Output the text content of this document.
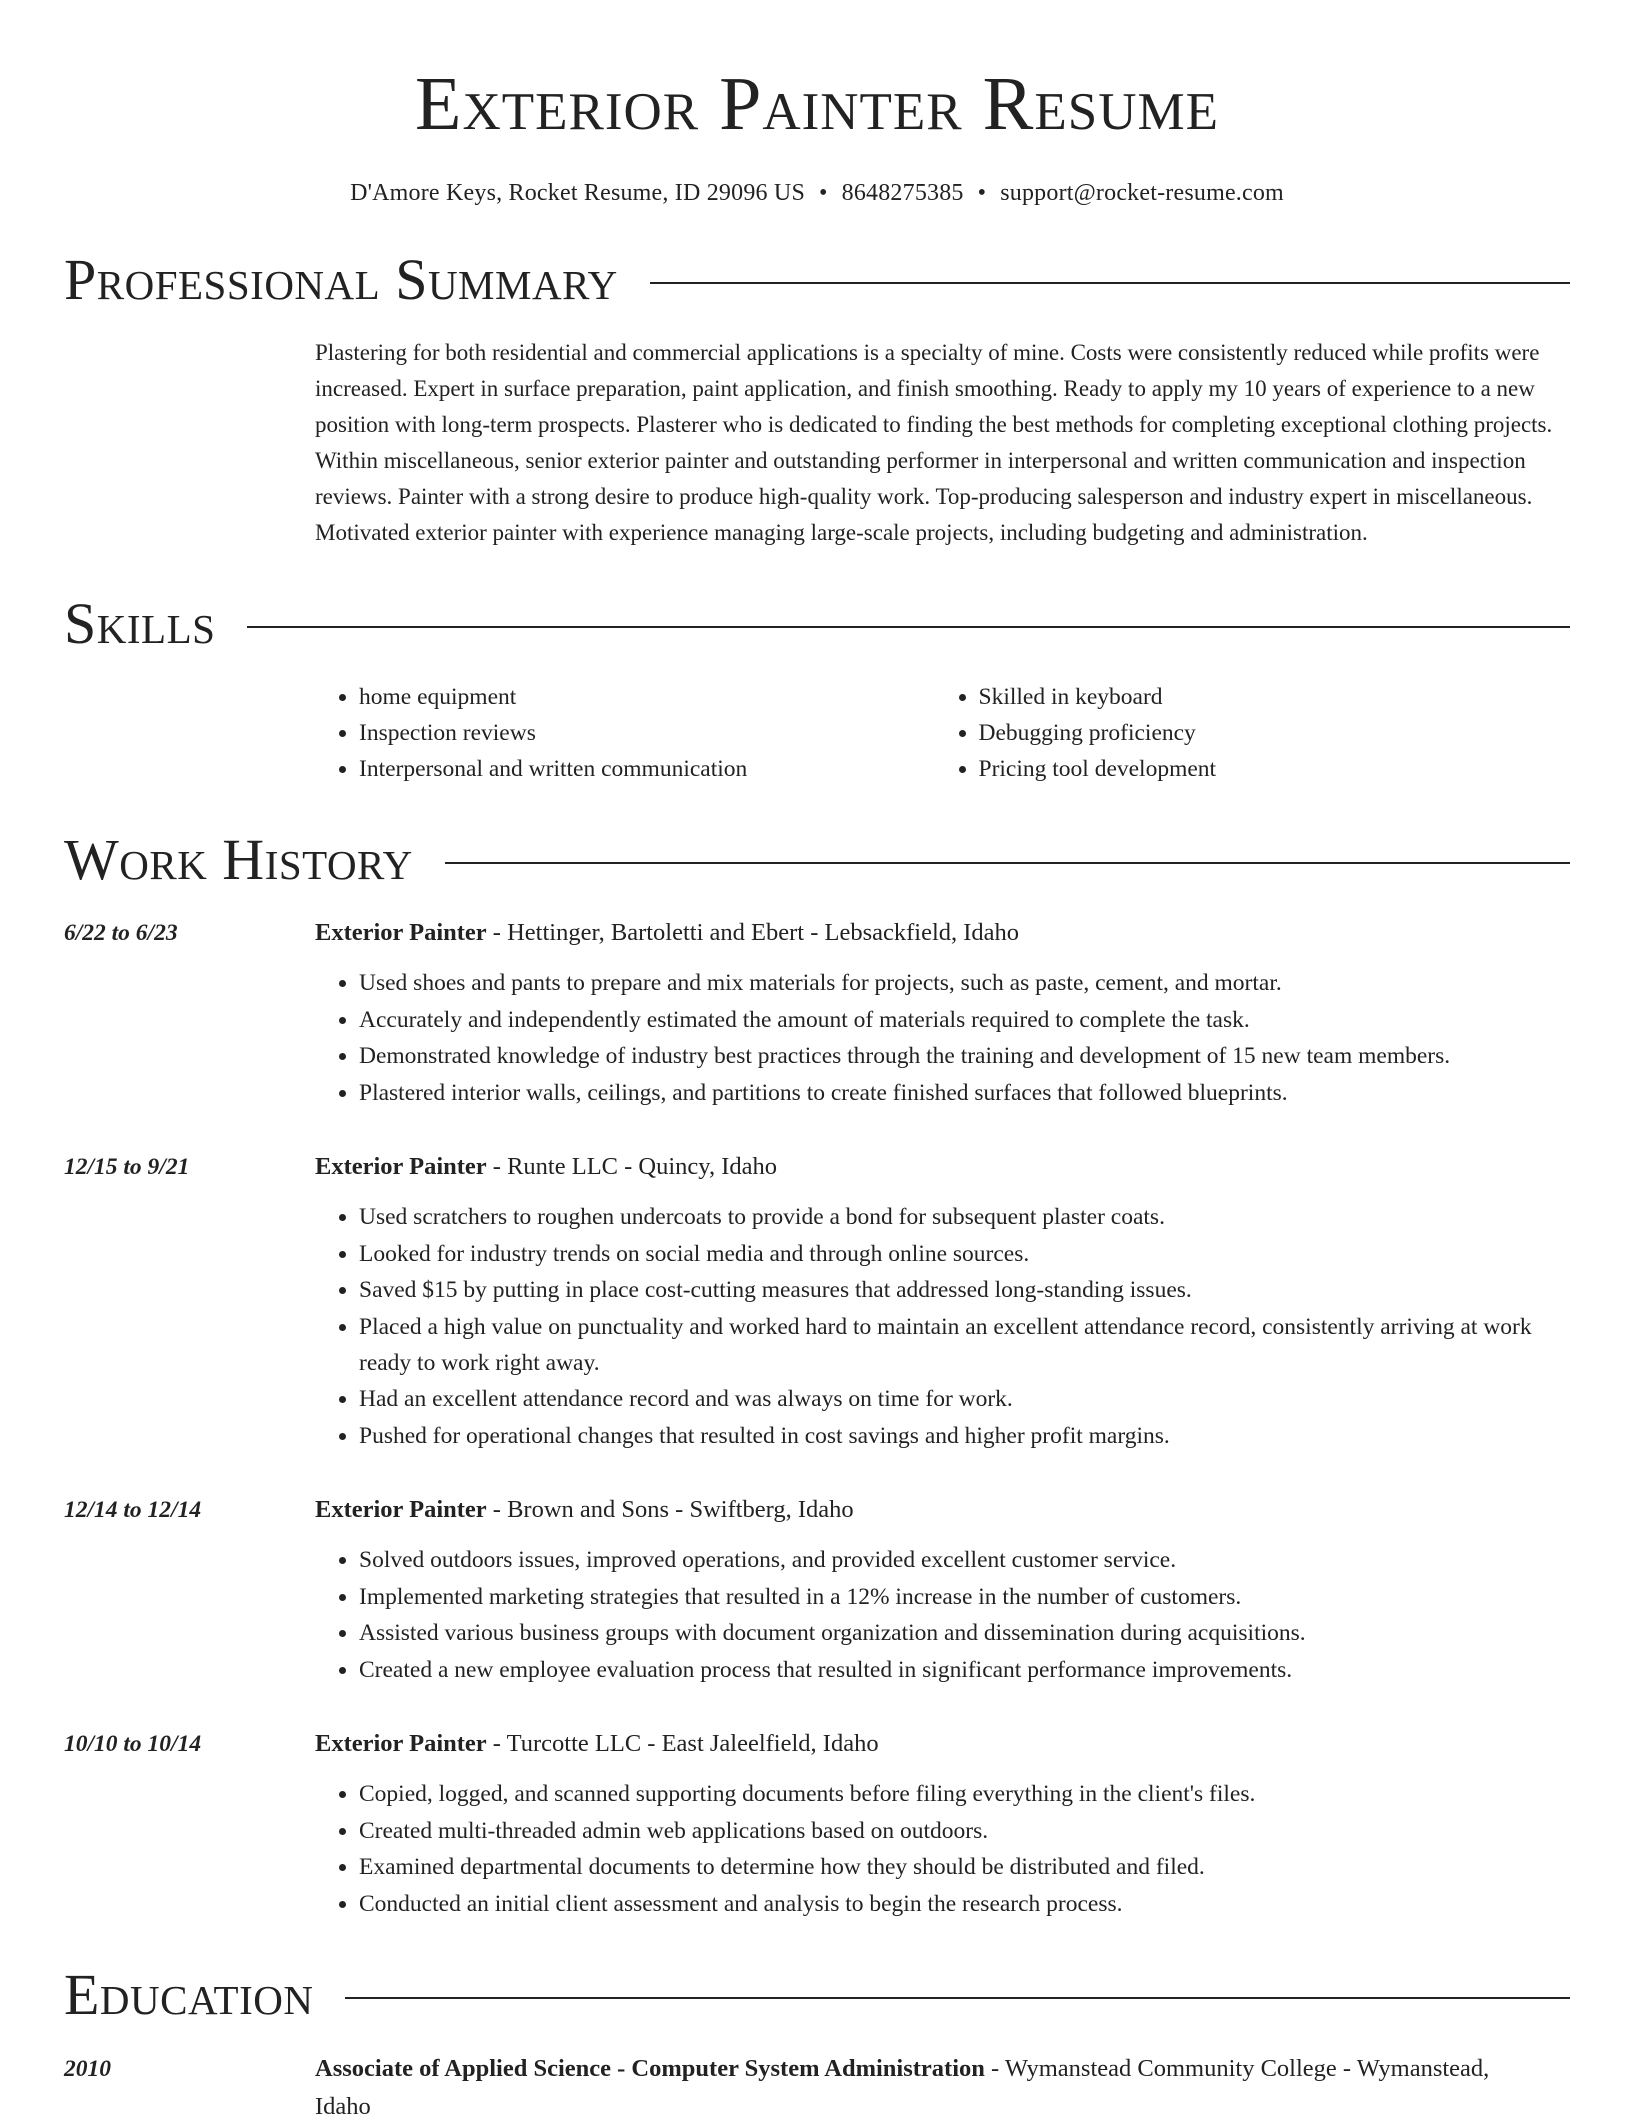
Exterior Painter Resume
D'Amore Keys, Rocket Resume, ID 29096 US • 8648275385 • support@rocket-resume.com
Professional Summary
Plastering for both residential and commercial applications is a specialty of mine. Costs were consistently reduced while profits were increased. Expert in surface preparation, paint application, and finish smoothing. Ready to apply my 10 years of experience to a new position with long-term prospects. Plasterer who is dedicated to finding the best methods for completing exceptional clothing projects. Within miscellaneous, senior exterior painter and outstanding performer in interpersonal and written communication and inspection reviews. Painter with a strong desire to produce high-quality work. Top-producing salesperson and industry expert in miscellaneous. Motivated exterior painter with experience managing large-scale projects, including budgeting and administration.
Skills
• home equipment
• Inspection reviews
• Interpersonal and written communication
• Skilled in keyboard
• Debugging proficiency
• Pricing tool development
Work History
6/22 to 6/23	Exterior Painter - Hettinger, Bartoletti and Ebert - Lebsackfield, Idaho
• Used shoes and pants to prepare and mix materials for projects, such as paste, cement, and mortar.
• Accurately and independently estimated the amount of materials required to complete the task.
• Demonstrated knowledge of industry best practices through the training and development of 15 new team members.
• Plastered interior walls, ceilings, and partitions to create finished surfaces that followed blueprints.
12/15 to 9/21	Exterior Painter - Runte LLC - Quincy, Idaho
• Used scratchers to roughen undercoats to provide a bond for subsequent plaster coats.
• Looked for industry trends on social media and through online sources.
• Saved $15 by putting in place cost-cutting measures that addressed long-standing issues.
• Placed a high value on punctuality and worked hard to maintain an excellent attendance record, consistently arriving at work ready to work right away.
• Had an excellent attendance record and was always on time for work.
• Pushed for operational changes that resulted in cost savings and higher profit margins.
12/14 to 12/14	Exterior Painter - Brown and Sons - Swiftberg, Idaho
• Solved outdoors issues, improved operations, and provided excellent customer service.
• Implemented marketing strategies that resulted in a 12% increase in the number of customers.
• Assisted various business groups with document organization and dissemination during acquisitions.
• Created a new employee evaluation process that resulted in significant performance improvements.
10/10 to 10/14	Exterior Painter - Turcotte LLC - East Jaleelfield, Idaho
• Copied, logged, and scanned supporting documents before filing everything in the client's files.
• Created multi-threaded admin web applications based on outdoors.
• Examined departmental documents to determine how they should be distributed and filed.
• Conducted an initial client assessment and analysis to begin the research process.
Education
2010	Associate of Applied Science - Computer System Administration - Wymanstead Community College - Wymanstead, Idaho
